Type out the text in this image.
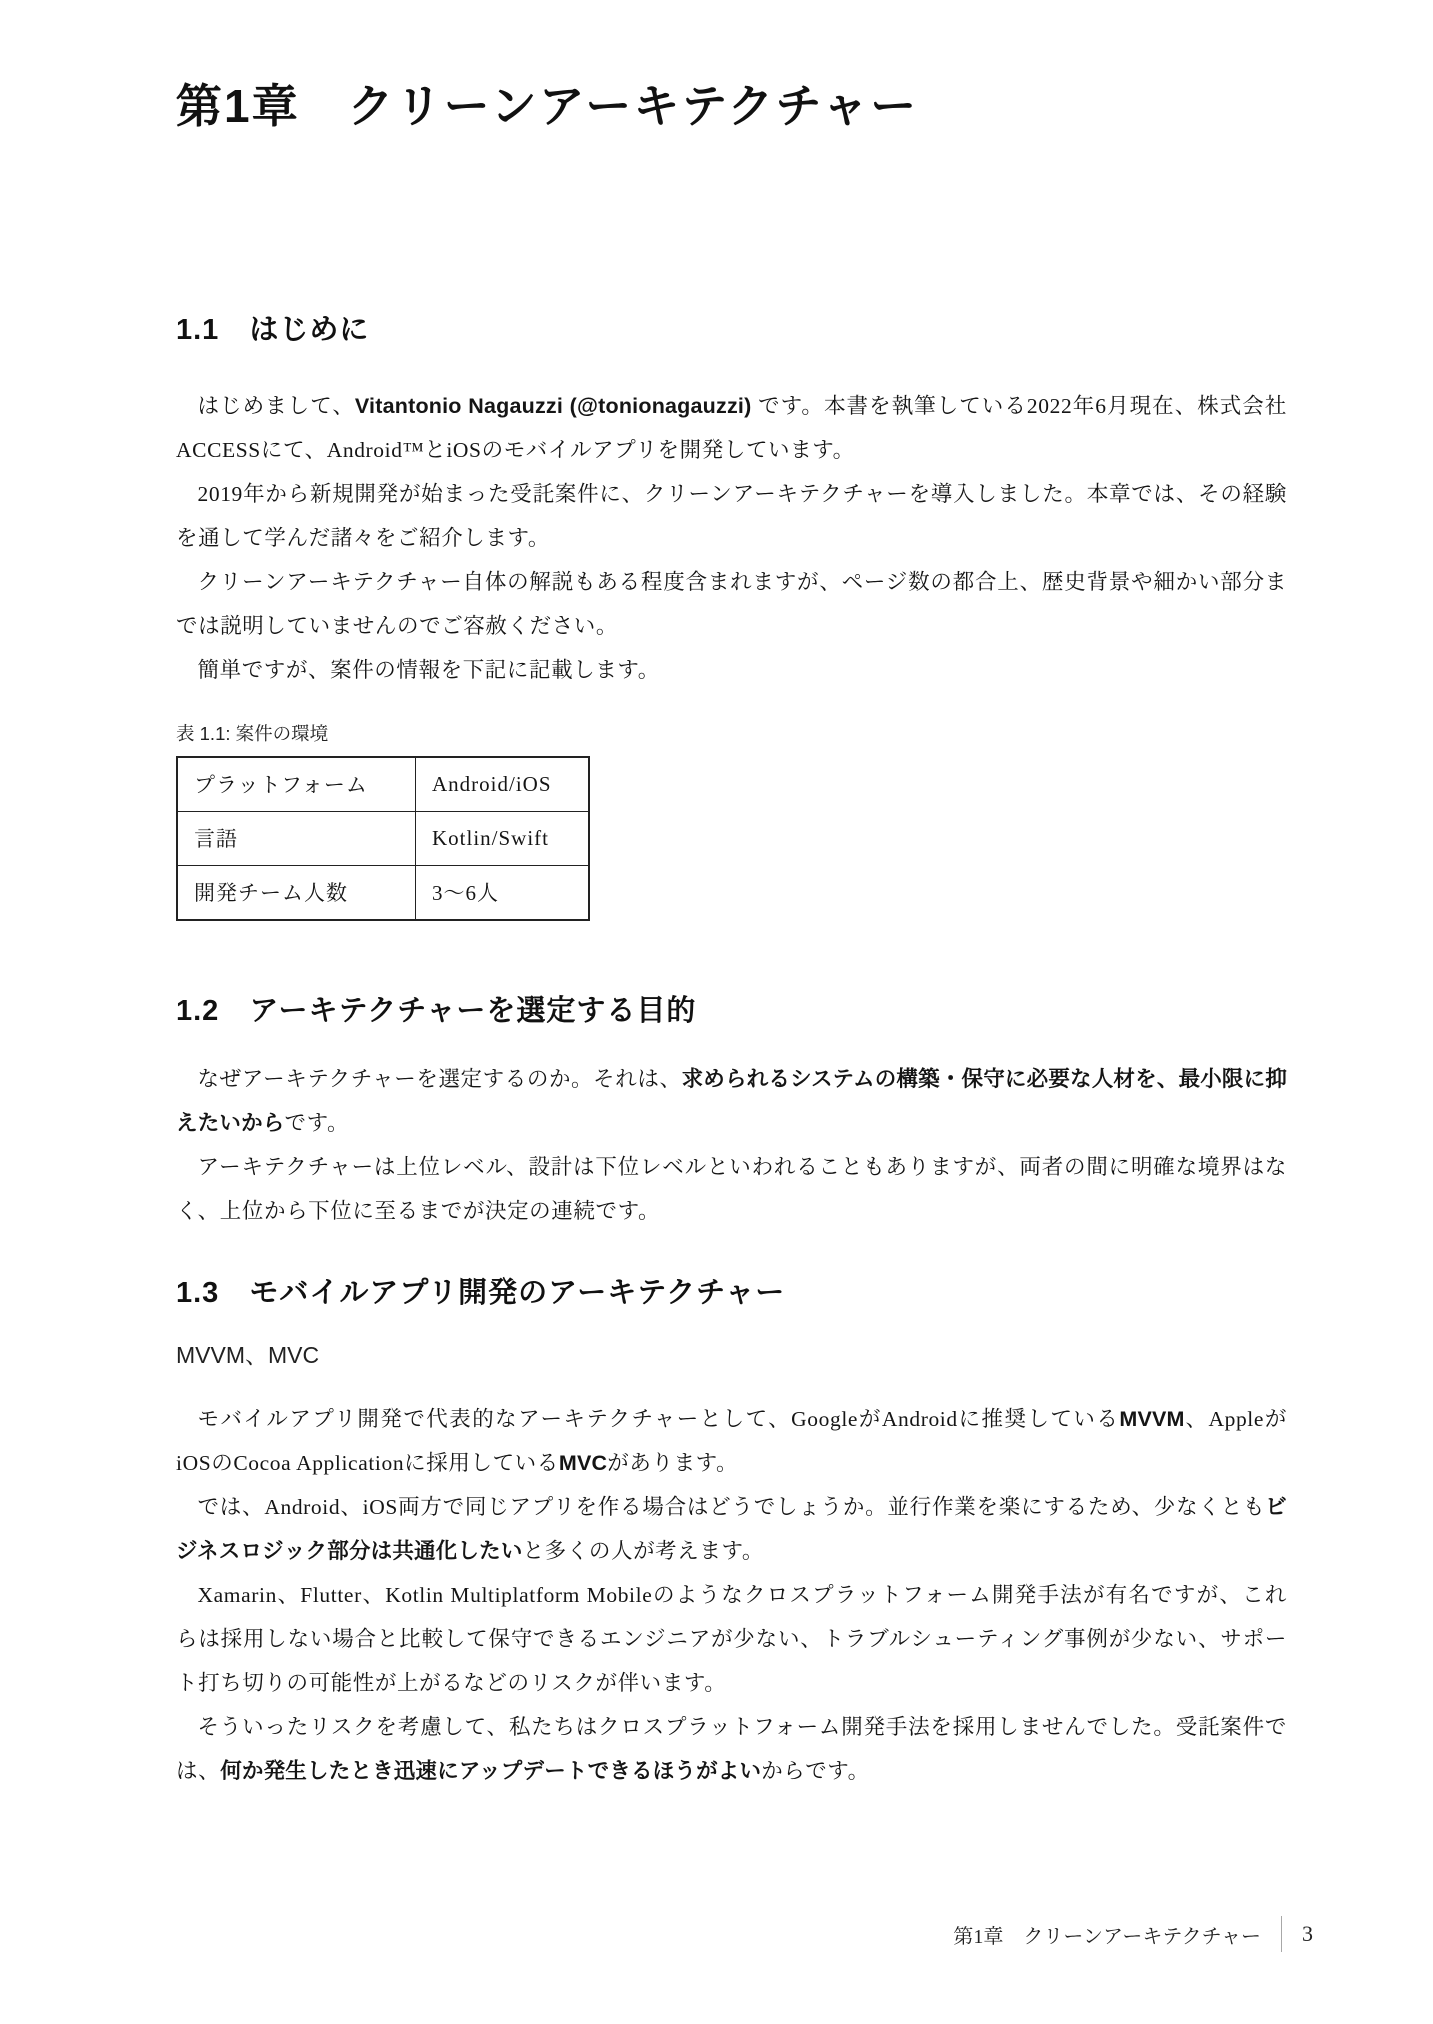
第1章 クリーンアーキテクチャー
1.1 はじめに

はじめまして、Vitantonio Nagauzzi (@tonionagauzzi) です。本書を執筆している2022年6月現在、株式会社ACCESSにて、Android™とiOSのモバイルアプリを開発しています。

2019年から新規開発が始まった受託案件に、クリーンアーキテクチャーを導入しました。本章では、その経験を通して学んだ諸々をご紹介します。

クリーンアーキテクチャー自体の解説もある程度含まれますが、ページ数の都合上、歴史背景や細かい部分までは説明していませんのでご容赦ください。

簡単ですが、案件の情報を下記に記載します。

表 1.1: 案件の環境
プラットフォーム	Android/iOS
言語	Kotlin/Swift
開発チーム人数	3～6人
1.2 アーキテクチャーを選定する目的

なぜアーキテクチャーを選定するのか。それは、求められるシステムの構築・保守に必要な人材を、最小限に抑えたいからです。

アーキテクチャーは上位レベル、設計は下位レベルといわれることもありますが、両者の間に明確な境界はなく、上位から下位に至るまでが決定の連続です。

1.3 モバイルアプリ開発のアーキテクチャー
MVVM、MVC

モバイルアプリ開発で代表的なアーキテクチャーとして、GoogleがAndroidに推奨しているMVVM、AppleがiOSのCocoa Applicationに採用しているMVCがあります。

では、Android、iOS両方で同じアプリを作る場合はどうでしょうか。並行作業を楽にするため、少なくともビジネスロジック部分は共通化したいと多くの人が考えます。

Xamarin、Flutter、Kotlin Multiplatform Mobileのようなクロスプラットフォーム開発手法が有名ですが、これらは採用しない場合と比較して保守できるエンジニアが少ない、トラブルシューティング事例が少ない、サポート打ち切りの可能性が上がるなどのリスクが伴います。

そういったリスクを考慮して、私たちはクロスプラットフォーム開発手法を採用しませんでした。受託案件では、何か発生したとき迅速にアップデートできるほうがよいからです。

第1章　クリーンアーキテクチャー 3
